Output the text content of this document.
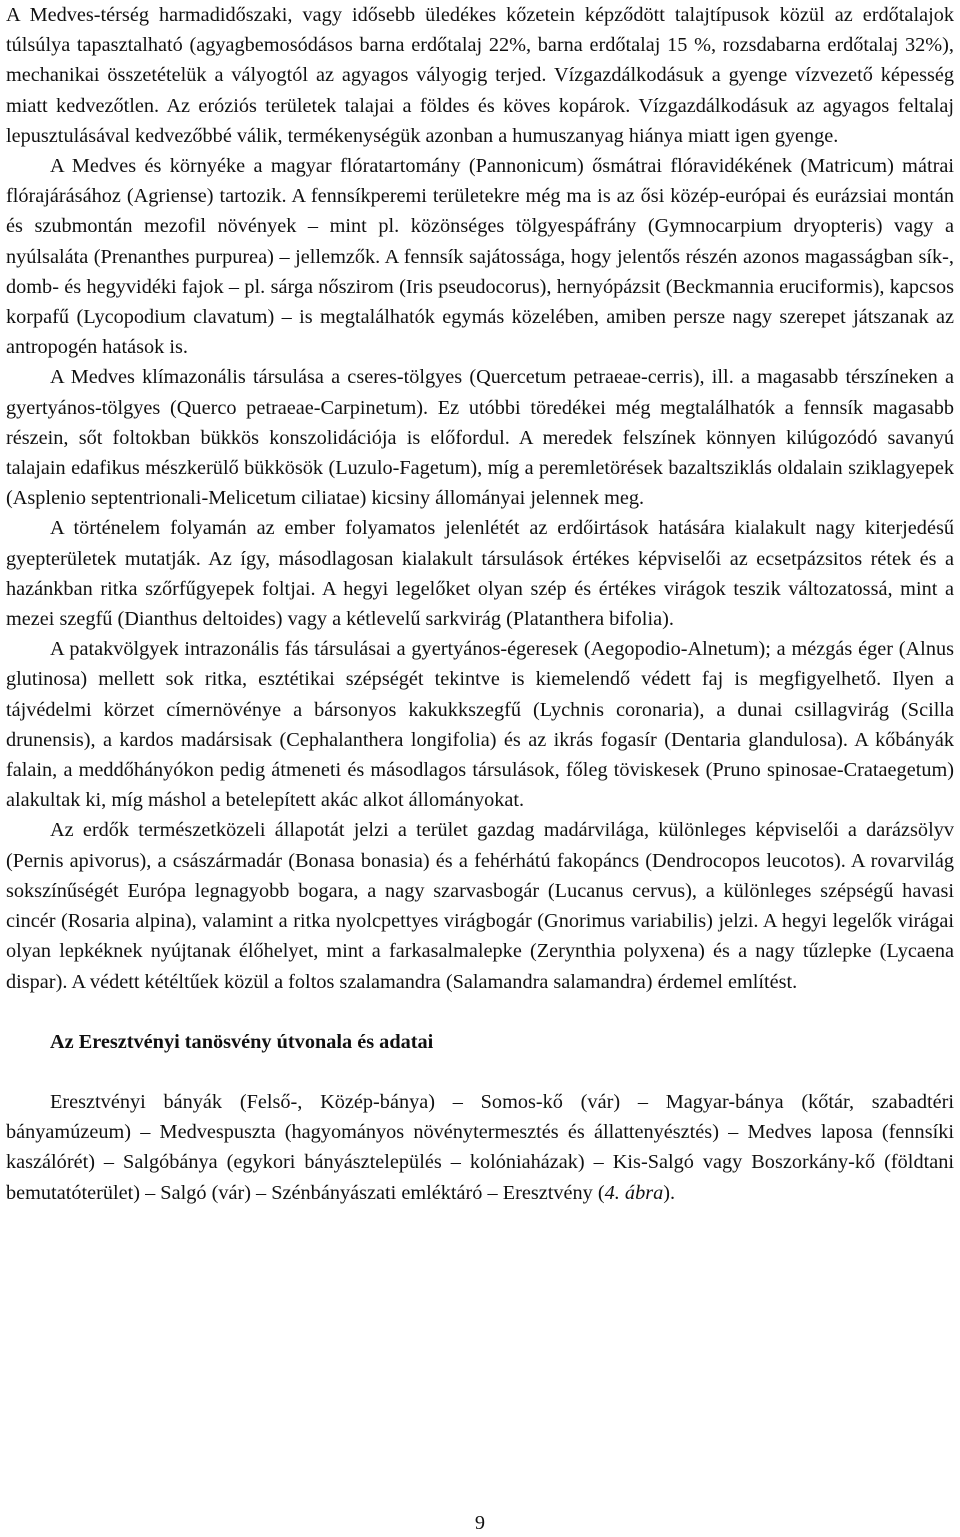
A Medves-térség harmadidőszaki, vagy idősebb üledékes kőzetein képződött talajtípusok közül az erdőtalajok túlsúlya tapasztalható (agyagbemosódásos barna erdőtalaj 22%, barna erdőtalaj 15 %, rozsdabarna erdőtalaj 32%), mechanikai összetételük a vályogtól az agyagos vályogig terjed. Vízgazdálkodásuk a gyenge vízvezető képesség miatt kedvezőtlen. Az eróziós területek talajai a földes és köves kopárok. Vízgazdálkodásuk az agyagos feltalaj lepusztulásával kedvezőbbé válik, termékenységük azonban a humuszanyag hiánya miatt igen gyenge.

A Medves és környéke a magyar flóratartomány (Pannonicum) ősmátrai flóravidékének (Matricum) mátrai flórajárásához (Agriense) tartozik. A fennsíkperemi területekre még ma is az ősi közép-európai és eurázsiai montán és szubmontán mezofil növények – mint pl. közönséges tölgyespáfrány (Gymnocarpium dryopteris) vagy a nyúlsaláta (Prenanthes purpurea) – jellemzők. A fennsík sajátossága, hogy jelentős részén azonos magasságban sík-, domb- és hegyvidéki fajok – pl. sárga nőszirom (Iris pseudocorus), hernyópázsit (Beckmannia eruciformis), kapcsos korpafű (Lycopodium clavatum) – is megtalálhatók egymás közelében, amiben persze nagy szerepet játszanak az antropogén hatások is.

A Medves klímazonális társulása a cseres-tölgyes (Quercetum petraeae-cerris), ill. a magasabb térszíneken a gyertyános-tölgyes (Querco petraeae-Carpinetum). Ez utóbbi töredékei még megtalálhatók a fennsík magasabb részein, sőt foltokban bükkös konszolidációja is előfordul. A meredek felszínek könnyen kilúgozódó savanyú talajain edafikus mészkerülő bükkösök (Luzulo-Fagetum), míg a peremletörések bazaltsziklás oldalain sziklagyepek (Asplenio septentrionali-Melicetum ciliatae) kicsiny állományai jelennek meg.

A történelem folyamán az ember folyamatos jelenlétét az erdőirtások hatására kialakult nagy kiterjedésű gyepterületek mutatják. Az így, másodlagosan kialakult társulások értékes képviselői az ecsetpázsitos rétek és a hazánkban ritka szőrfűgyepek foltjai. A hegyi legelőket olyan szép és értékes virágok teszik változatossá, mint a mezei szegfű (Dianthus deltoides) vagy a kétlevelű sarkvirág (Platanthera bifolia).

A patakvölgyek intrazonális fás társulásai a gyertyános-égeresek (Aegopodio-Alnetum); a mézgás éger (Alnus glutinosa) mellett sok ritka, esztétikai szépségét tekintve is kiemelendő védett faj is megfigyelhető. Ilyen a tájvédelmi körzet címernövénye a bársonyos kakukkszegfű (Lychnis coronaria), a dunai csillagvirág (Scilla drunensis), a kardos madársisak (Cephalanthera longifolia) és az ikrás fogasír (Dentaria glandulosa). A kőbányák falain, a meddőhányókon pedig átmeneti és másodlagos társulások, főleg töviskesek (Pruno spinosae-Crataegetum) alakultak ki, míg máshol a betelepített akác alkot állományokat.

Az erdők természetközeli állapotát jelzi a terület gazdag madárvilága, különleges képviselői a darázsölyv (Pernis apivorus), a császármadár (Bonasa bonasia) és a fehérhátú fakopáncs (Dendrocopos leucotos). A rovarvilág sokszínűségét Európa legnagyobb bogara, a nagy szarvasbogár (Lucanus cervus), a különleges szépségű havasi cincér (Rosaria alpina), valamint a ritka nyolcpettyes virágbogár (Gnorimus variabilis) jelzi. A hegyi legelők virágai olyan lepkéknek nyújtanak élőhelyet, mint a farkasalmalepke (Zerynthia polyxena) és a nagy tűzlepke (Lycaena dispar). A védett kétéltűek közül a foltos szalamandra (Salamandra salamandra) érdemel említést.

Az Eresztvényi tanösvény útvonala és adatai

Eresztvényi bányák (Felső-, Közép-bánya) – Somos-kő (vár) – Magyar-bánya (kőtár, szabadtéri bányamúzeum) – Medvespuszta (hagyományos növénytermesztés és állattenyésztés) – Medves laposa (fennsíki kaszálórét) – Salgóbánya (egykori bányásztelepülés – kolóniaházak) – Kis-Salgó vagy Boszorkány-kő (földtani bemutatóterület) – Salgó (vár) – Szénbányászati emléktáró – Eresztvény (4. ábra).

9
